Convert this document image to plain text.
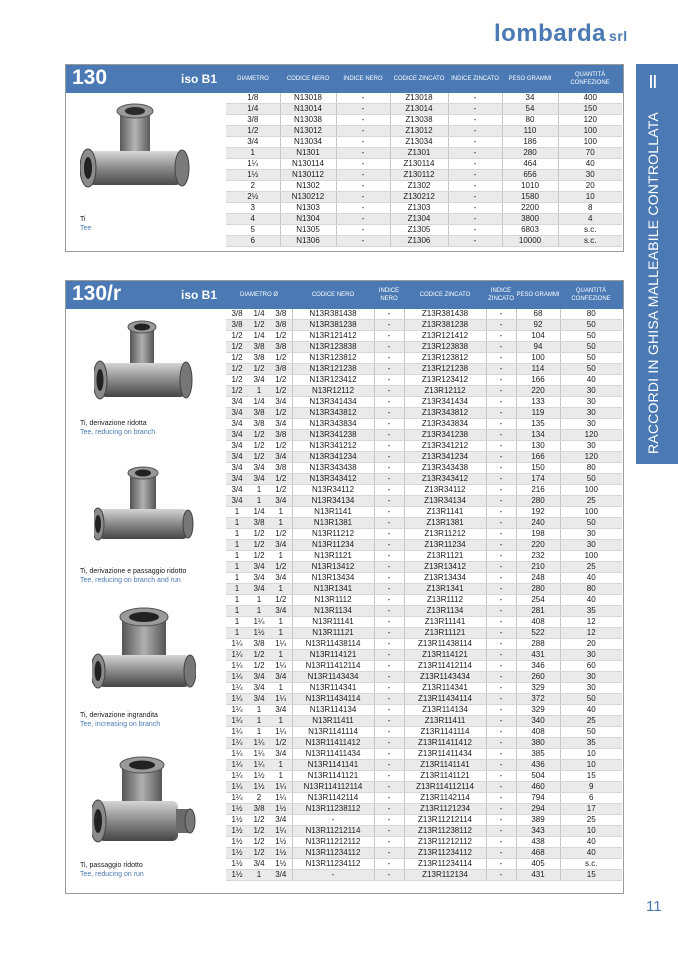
lombarda srl
||
RACCORDI IN GHISA MALLEABILE CONTROLLATA
130	iso B1	DIAMETRO	CODICE NERO	INDICE NERO	CODICE ZINCATO	INDICE ZINCATO	PESO GRAMMI
QUANTITÀ CONFEZIONE
Ti
Tee
1/8	N13018	-	Z13018	-	34	400
1/4	N13014	-	Z13014	-	54	150
3/8	N13038	-	Z13038	-	80	120
1/2	N13012	-	Z13012	-	110	100
3/4	N13034	-	Z13034	-	186	100
1	N1301	-	Z1301	-	280	70
1¼	N130114	-	Z130114	-	464	40
1½	N130112	-	Z130112	-	656	30
2	N1302	-	Z1302	-	1010	20
2½	N130212	-	Z130212	-	1580	10
3	N1303	-	Z1303	-	2200	8
4	N1304	-	Z1304	-	3800	4
5	N1305	-	Z1305	-	6803	s.c.
6	N1306	-	Z1306	-	10000	s.c.
130/r	iso B1	DIAMETRO Ø	CODICE NERO
INDICE NERO
CODICE ZINCATO
INDICE ZINCATO
PESO GRAMMI
QUANTITÀ CONFEZIONE
Ti, derivazione ridotta
Tee, reducing on branch
Ti, derivazione e passaggio ridotto
Tee, reducing on branch and run
Ti, derivazione ingrandita
Tee, increasing on branch
Ti, passaggio ridotto
Tee, reducing on run
3/8	1/4	3/8	N13R381438	-	Z13R381438	-	68	80
3/8	1/2	3/8	N13R381238	-	Z13R381238	-	92	50
1/2	1/4	1/2	N13R121412	-	Z13R121412	-	104	50
1/2	3/8	3/8	N13R123838	-	Z13R123838	-	94	50
1/2	3/8	1/2	N13R123812	-	Z13R123812	-	100	50
1/2	1/2	3/8	N13R121238	-	Z13R121238	-	114	50
1/2	3/4	1/2	N13R123412	-	Z13R123412	-	166	40
1/2	1	1/2	N13R12112	-	Z13R12112	-	220	30
3/4	1/4	3/4	N13R341434	-	Z13R341434	-	133	30
3/4	3/8	1/2	N13R343812	-	Z13R343812	-	119	30
3/4	3/8	3/4	N13R343834	-	Z13R343834	-	135	30
3/4	1/2	3/8	N13R341238	-	Z13R341238	-	134	120
3/4	1/2	1/2	N13R341212	-	Z13R341212	-	130	30
3/4	1/2	3/4	N13R341234	-	Z13R341234	-	166	120
3/4	3/4	3/8	N13R343438	-	Z13R343438	-	150	80
3/4	3/4	1/2	N13R343412	-	Z13R343412	-	174	50
3/4	1	1/2	N13R34112	-	Z13R34112	-	216	100
3/4	1	3/4	N13R34134	-	Z13R34134	-	280	25
1	1/4	1	N13R1141	-	Z13R1141	-	192	100
1	3/8	1	N13R1381	-	Z13R1381	-	240	50
1	1/2	1/2	N13R11212	-	Z13R11212	-	198	30
1	1/2	3/4	N13R11234	-	Z13R11234	-	220	30
1	1/2	1	N13R1121	-	Z13R1121	-	232	100
1	3/4	1/2	N13R13412	-	Z13R13412	-	210	25
1	3/4	3/4	N13R13434	-	Z13R13434	-	248	40
1	3/4	1	N13R1341	-	Z13R1341	-	280	80
1	1	1/2	N13R1112	-	Z13R1112	-	254	40
1	1	3/4	N13R1134	-	Z13R1134	-	281	35
1	1¼	1	N13R11141	-	Z13R11141	-	408	12
1	1½	1	N13R11121	-	Z13R11121	-	522	12
1¼	3/8	1¼	N13R11438114	-	Z13R11438114	-	288	20
1¼	1/2	1	N13R114121	-	Z13R114121	-	431	30
1¼	1/2	1¼	N13R11412114	-	Z13R11412114	-	346	60
1¼	3/4	3/4	N13R1143434	-	Z13R1143434	-	260	30
1¼	3/4	1	N13R114341	-	Z13R114341	-	329	30
1¼	3/4	1¼	N13R11434114	-	Z13R11434114	-	372	50
1¼	1	3/4	N13R114134	-	Z13R114134	-	329	40
1¼	1	1	N13R11411	-	Z13R11411	-	340	25
1¼	1	1¼	N13R1141114	-	Z13R1141114	-	408	50
1¼	1¼	1/2	N13R11411412	-	Z13R11411412	-	380	35
1¼	1¼	3/4	N13R11411434	-	Z13R11411434	-	385	10
1¼	1¼	1	N13R1141141	-	Z13R1141141	-	436	10
1¼	1½	1	N13R1141121	-	Z13R1141121	-	504	15
1¼	1½	1¼	N13R114112114	-	Z13R114112114	-	460	9
1¼	2	1¼	N13R1142114	-	Z13R1142114	-	794	6
1½	3/8	1½	N13R11238112	-	Z13R1121234	-	294	17
1½	1/2	3/4	-	-	Z13R11212114	-	389	25
1½	1/2	1¼	N13R11212114	-	Z13R11238112	-	343	10
1½	1/2	1½	N13R11212112	-	Z13R11212112	-	438	40
1½	1/2	1½	N13R11234112	-	Z13R11234112	-	468	40
1½	3/4	1½	N13R11234112	-	Z13R11234114	-	405	s.c.
1½	1	3/4	-	-	Z13R112134	-	431	15
11
